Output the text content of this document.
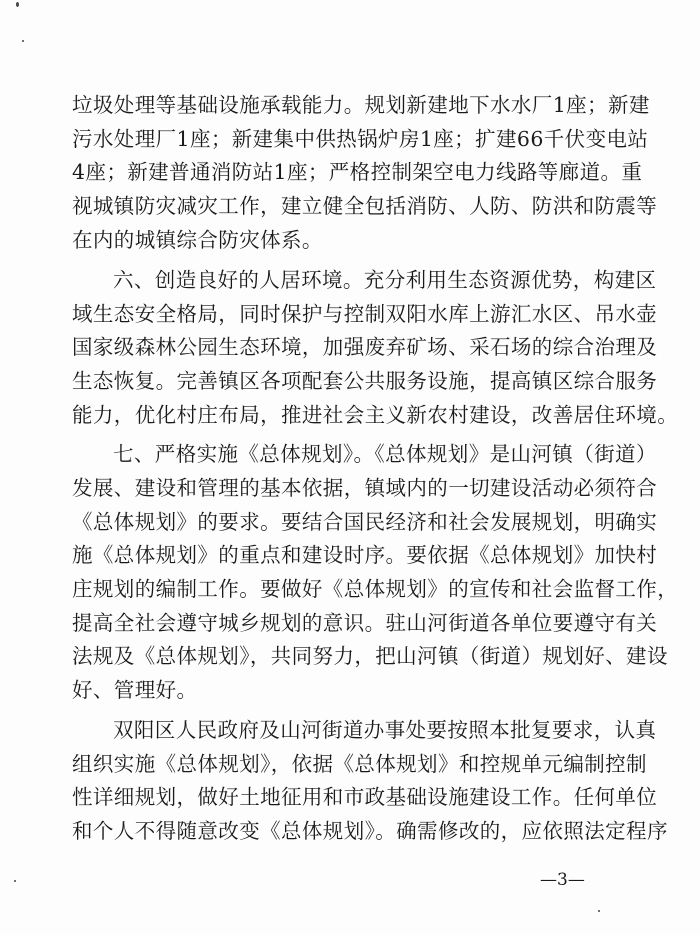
垃圾处理等基础设施承载能力。规划新建地下水水厂1座；新建
污水处理厂1座；新建集中供热锅炉房1座；扩建66千伏变电站
4座；新建普通消防站1座；严格控制架空电力线路等廊道。重
视城镇防灾减灾工作，建立健全包括消防、人防、防洪和防震等
在内的城镇综合防灾体系。
六、创造良好的人居环境。充分利用生态资源优势，构建区
域生态安全格局，同时保护与控制双阳水库上游汇水区、吊水壶
国家级森林公园生态环境，加强废弃矿场、采石场的综合治理及
生态恢复。完善镇区各项配套公共服务设施，提高镇区综合服务
能力，优化村庄布局，推进社会主义新农村建设，改善居住环境。
七、严格实施《总体规划》。《总体规划》是山河镇（街道）
发展、建设和管理的基本依据，镇域内的一切建设活动必须符合
《总体规划》的要求。要结合国民经济和社会发展规划，明确实
施《总体规划》的重点和建设时序。要依据《总体规划》加快村
庄规划的编制工作。要做好《总体规划》的宣传和社会监督工作，
提高全社会遵守城乡规划的意识。驻山河街道各单位要遵守有关
法规及《总体规划》，共同努力，把山河镇（街道）规划好、建设
好、管理好。
双阳区人民政府及山河街道办事处要按照本批复要求，认真
组织实施《总体规划》，依据《总体规划》和控规单元编制控制
性详细规划，做好土地征用和市政基础设施建设工作。任何单位
和个人不得随意改变《总体规划》。确需修改的，应依照法定程序
—3—
